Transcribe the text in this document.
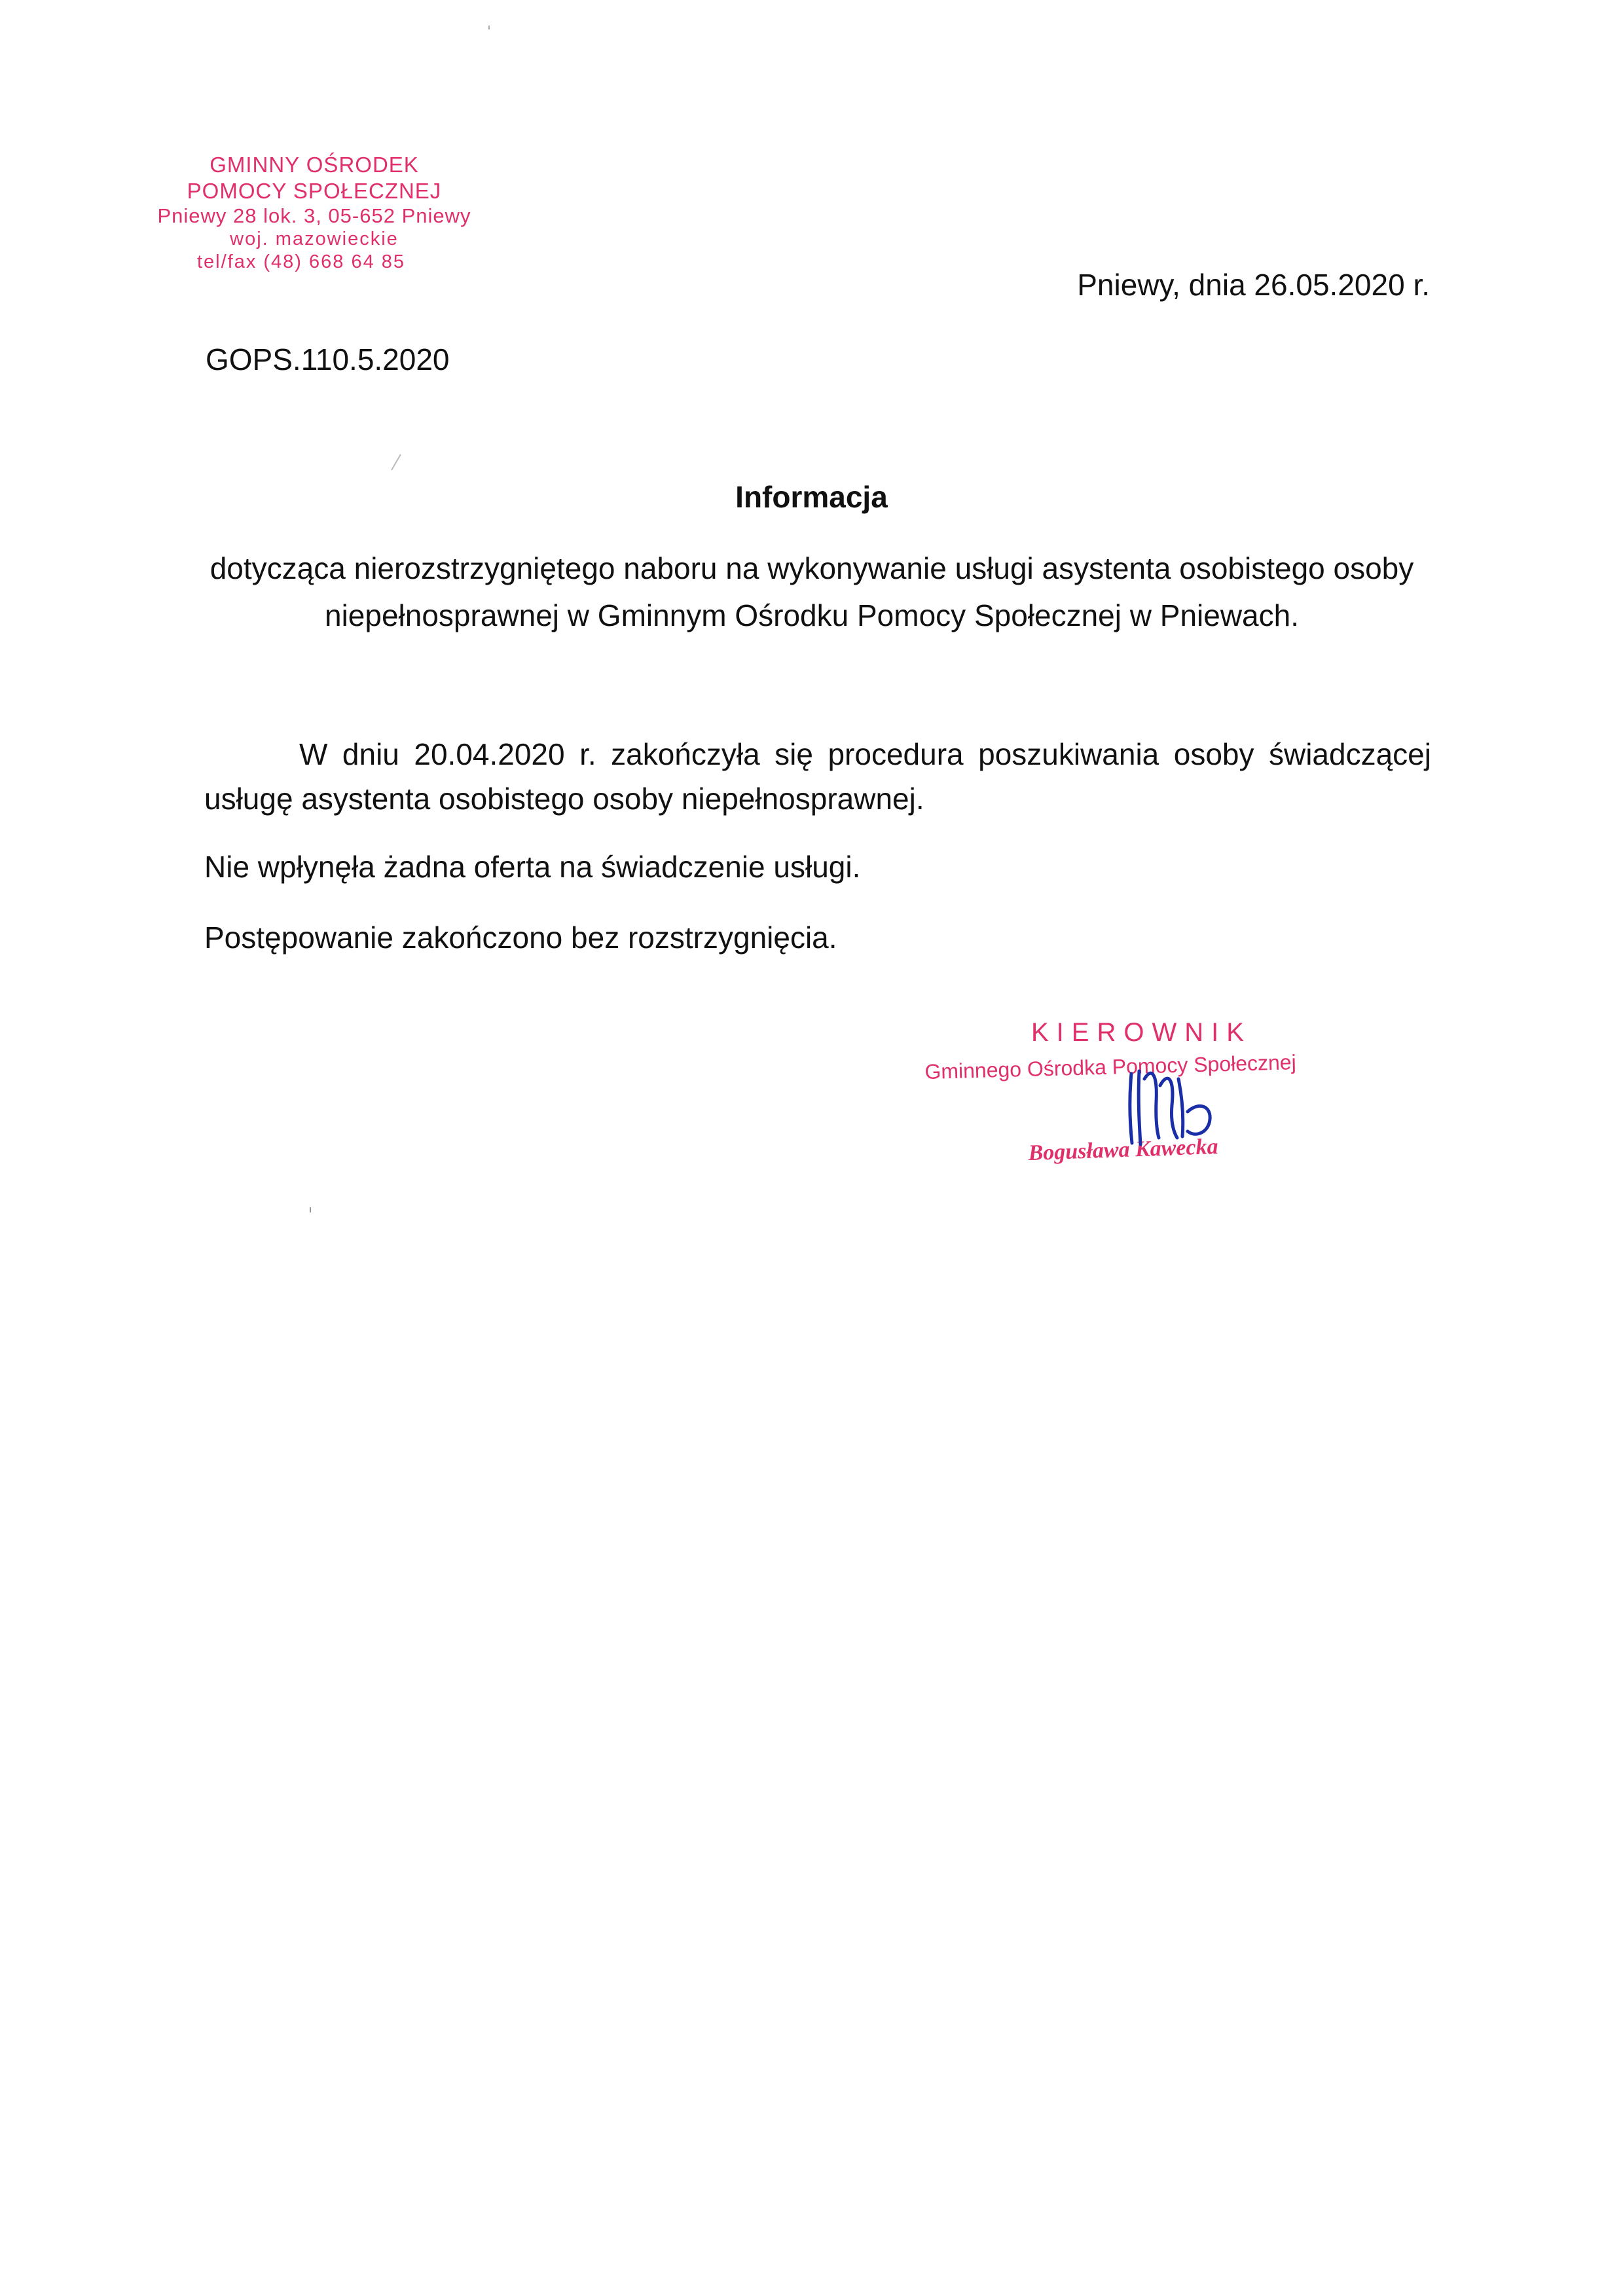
GMINNY OŚRODEK
POMOCY SPOŁECZNEJ
Pniewy 28 lok. 3, 05-652 Pniewy
woj. mazowieckie
tel/fax (48) 668 64 85
Pniewy, dnia 26.05.2020 r.
GOPS.110.5.2020
Informacja
dotycząca nierozstrzygniętego naboru na wykonywanie usługi asystenta osobistego osoby niepełnosprawnej w Gminnym Ośrodku Pomocy Społecznej w Pniewach.
W dniu 20.04.2020 r. zakończyła się procedura poszukiwania osoby świadczącej usługę asystenta osobistego osoby niepełnosprawnej.
Nie wpłynęła żadna oferta na świadczenie usługi.
Postępowanie zakończono bez rozstrzygnięcia.
KIEROWNIK
Gminnego Ośrodka Pomocy Społecznej
Bogusława Kawecka
